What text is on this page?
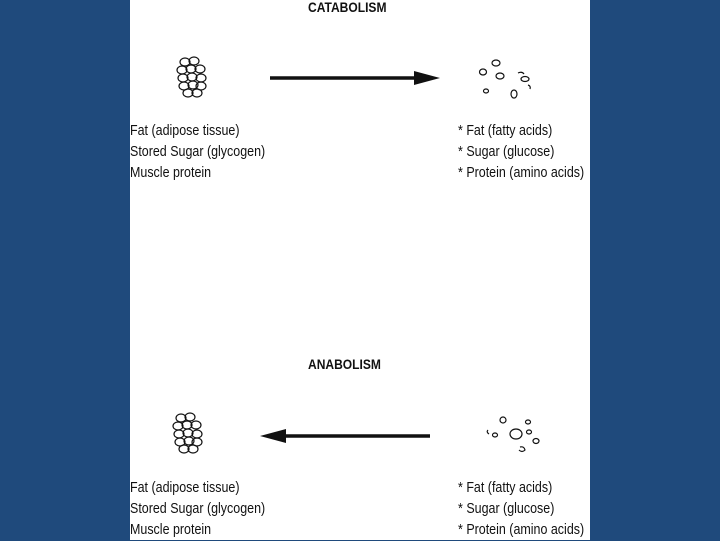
CATABOLISM
Fat (adipose tissue)
Stored Sugar (glycogen)
Muscle protein
* Fat (fatty acids)
* Sugar (glucose)
* Protein (amino acids)
ANABOLISM
Fat (adipose tissue)
Stored Sugar (glycogen)
Muscle protein
* Fat (fatty acids)
* Sugar (glucose)
* Protein (amino acids)
